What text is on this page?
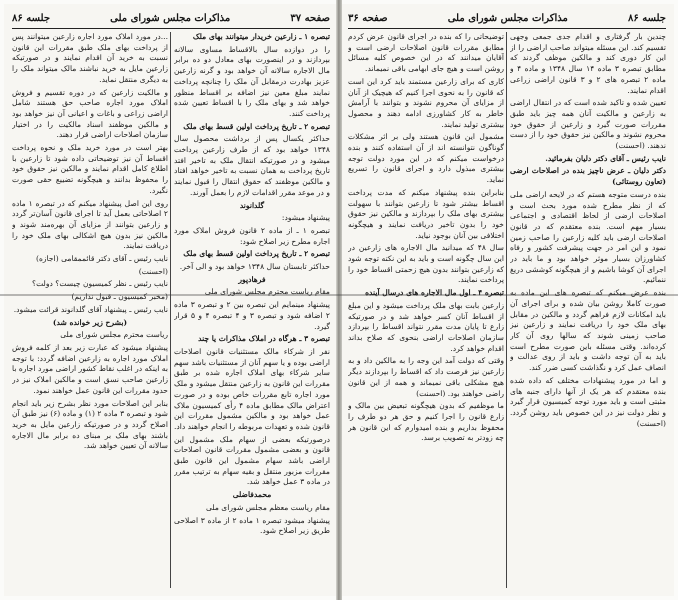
صفحه ۳۷
مذاکرات مجلس شورای ملی
جلسه ۸۶

تبصره ۱ ـ زارعین خریدار میتوانند بهای ملک

را در دوازده سال بالاقساط مساوی سالانه بپردازند و در اینصورت بهای معادل دو ده برابر مال الاجاره سالانه آن خواهد بود و گرنه زارعین عزیز بهادرت درمقابل آن ملک را چنانچه پرداخت نمایند مبلغ معین نیز اضافه بر اقساط منظور خواهد شد و بهای ملک را با اقساط تعیین شده پرداخت کنند.

تبصره ۲ ـ تاریخ پرداخت اولین قسط بهای ملک

حداکثر یکسال پس از برداشت محصول سال ۱۳۴۸ خواهد بود که از طرف زارعین پرداخت میشود و در صورتیکه انتقال ملک به تاخیر افتد تاریخ پرداخت به همان نسبت به تاخیر خواهد افتاد و مالکین موظفند که حقوق انتقال را قبول نمایند و در موعد مقرر اقدامات لازم را بعمل آورند.

گلدانوند

پیشنهاد میشود:

تبصره ۱ ـ از ماده ۲ قانون فروش املاک مورد اجاره مطرح زیر اصلاح شود:

تبصره ۲ ـ تاریخ پرداخت اولین قسط بهای ملک

حداکثر تابستان سال ۱۳۴۸ خواهد بود و الی آخر.

فرهادپور

مقام ریاست محترم مجلس شورای ملی

پیشنهاد مینمایم این تبصره بین ۲ و تبصره ۳ ماده ۲ اضافه شود و تبصره ۳ و ۴ تبصره ۴ و ۵ قرار گیرد.

تبصره ۳ ـ هرگاه در املاک مذاکرات یا چند

نفر از شرکاء مالک مستثنیات قانون اصلاحات اراضی بوده و یا سهم آنان از مستثنیات باشد سهم سایر شرکاء بهای املاک اجاره شده بر طبق مقررات این قانون به زارعین منتقل میشود و ملک مورد اجاره تابع مقررات خاص بوده و در صورت اعتراض مالک مطابق ماده ۴ رأی کمیسیون ملاک عمل خواهد بود و مالکین مشمول مقررات این قانون شده و تعهدات مربوطه را انجام خواهند داد.

درصورتیکه بعضی از سهام ملک مشمول این قانون و بعضی مشمول مقررات قانون اصلاحات اراضی باشد سهام مشمول این قانون طبق مقررات مزبور منتقل و بقیه سهام به ترتیب مقرر در ماده ۳ عمل خواهد شد.

محمدفاضلی

مقام ریاست معظم مجلس شورای ملی

پیشنهاد میشود تبصره ۱ ماده ۲ از ماده ۳ اصلاحی طریق زیر اصلاح شود.

...در مورد املاک مورد اجاره زارعین میتوانند پس از پرداخت بهای ملک طبق مقررات این قانون نسبت به خرید آن اقدام نمایند و در صورتیکه زارعین مایل به خرید نباشند مالک میتواند ملک را به دیگری منتقل نماید.

و مالکیت زارعین که در دوره تقسیم و فروش املاک مورد اجاره صاحب حق هستند شامل اراضی زراعی و باغات و اعیانی آن نیز خواهد بود و مالکین موظفند اسناد مالکیت را در اختیار سازمان اصلاحات اراضی قرار دهند.

بهتر است در مورد خرید ملک و نحوه پرداخت اقساط آن نیز توضیحاتی داده شود تا زارعین با اطلاع کامل اقدام نمایند و مالکین نیز حقوق خود را محفوظ بدانند و هیچگونه تضییع حقی صورت نگیرد.

روی این اصل پیشنهاد میکنم که در تبصره ۱ ماده ۲ اصلاحاتی بعمل آید تا اجرای قانون آسان‌تر گردد و زارعین بتوانند از مزایای آن بهره‌مند شوند و مالکین نیز بدون هیچ اشکالی بهای ملک خود را دریافت نمایند.

نایب رئیس ـ آقای دکتر قائممقامی (اجازه)

(احسنت)

نایب رئیس ـ نظر کمیسیون چیست؟ دولت؟

(مخبر کمیسیون ـ قبول نداریم)

نایب رئیس ـ پیشنهاد آقای گلدانوند قرائت میشود.

(بشرح زیر خوانده شد)

ریاست محترم مجلس شورای ملی

پیشنهاد میشود که عبارت زیر بعد از کلمه فروش املاک مورد اجاره به زارعین اضافه گردد: با توجه به اینکه در اغلب نقاط کشور اراضی مورد اجاره با زارعین صاحب نسق است و مالکین املاک نیز در حدود مقررات این قانون عمل خواهند نمود.

بنابر این اصلاحات مورد نظر بشرح زیر باید انجام شود و تبصره ۳ ماده ۲ (۱) و ماده (۶) نیز طبق آن اصلاح گردد و در صورتیکه زارعین مایل به خرید باشند بهای ملک بر مبنای ده برابر مال الاجاره سالانه آن تعیین خواهد شد.

جلسه ۸۶
مذاکرات مجلس شورای ملی
صفحه ۳۶

چندین بار گرفتاری و اقدام جدی جمعی وجهی تقسیم کند. این مسئله میتواند صاحب اراضی را از این کار دوری کند و مالکین موظف گردند که مطابق تبصره ۳ ماده ۱۴ سال ۱۳۴۸ و ماده ۴ و ماده ۲ تبصره های ۲ و ۳ قانون اراضی زراعی اقدام نمایند.

تعیین شده و تاکید شده است که در انتقال اراضی به زارعین و مالکیت آنان همه چیز باید طبق مقررات صورت گیرد و زارعین از حقوق خود محروم نشوند و مالکین نیز حقوق خود را از دست ندهند. (احسنت)

نایب رئیس ـ آقای دکتر دلیان بفرمائید.

دکتر دلیان ـ عرض ناچیز بنده در اصلاحات ارضی (تعاون روستائی)

بنده درست متوجه هستم که در لایحه اراضی ملی که از نظر مطرح شده مورد بحث است و اصلاحات ارضی از لحاظ اقتصادی و اجتماعی بسیار مهم است. بنده معتقدم که در قانون اصلاحات ارضی باید کلیه زارعین را صاحب زمین نمود و این امر در جهت پیشرفت کشور و رفاه کشاورزان بسیار موثر خواهد بود و ما باید در اجرای آن کوشا باشیم و از هیچگونه کوششی دریغ ننمائیم.

بنده عرض میکنم که تبصره های این ماده به صورت کاملا روشن بیان شده و برای اجرای آن باید امکانات لازم فراهم گردد و مالکین در مقابل بهای ملک خود را دریافت نمایند و زارعین نیز صاحب زمینی شوند که سالها روی آن کار کرده‌اند. وقتی مسئله باین صورت مطرح است باید به آن توجه داشت و باید از روی عدالت و انصاف عمل کرد و نگذاشت کسی ضرر کند.

و اما در مورد پیشنهادات مختلف که داده شده بنده معتقدم که هر یک از آنها دارای جنبه های مثبتی است و باید مورد توجه کمیسیون قرار گیرد و نظر دولت نیز در این خصوص باید روشن گردد. (احسنت)

توضیحاتی را که بنده در اجرای قانون عرض کردم مطابق مقررات قانون اصلاحات ارضی است و آقایان میدانند که در این خصوص کلیه مسائل روشن است و هیچ جای ابهامی باقی نمیماند.

کاری که برای زارعین مستمند باید کرد این است که قانون را به نحوی اجرا کنیم که هیچیک از آنان از مزایای آن محروم نشوند و بتوانند با آرامش خاطر به کار کشاورزی ادامه دهند و محصول بیشتری تولید نمایند.

مشمول این قانون هستند ولی بر اثر مشکلات گوناگون نتوانسته اند از آن استفاده کنند و بنده درخواست میکنم که در این مورد دولت توجه بیشتری مبذول دارد و اجرای قانون را تسریع نماید.

بنابراین بنده پیشنهاد میکنم که مدت پرداخت اقساط بیشتر شود تا زارعین بتوانند با سهولت بیشتری بهای ملک را بپردازند و مالکین نیز حقوق خود را بدون تاخیر دریافت نمایند و هیچگونه اختلافی بین آنان بوجود نیاید.

سال ۴۸ که میدانید مال الاجاره های زارعین در این سال چگونه است و باید به این نکته توجه شود که زارعین بتوانند بدون هیچ زحمتی اقساط خود را پرداخت نمایند.

تبصره ۴ ـ اول مال الاجاره های درسال آینده

زارعین بابت بهای ملک پرداخت میشود و این مبلغ از اقساط آنان کسر خواهد شد و در صورتیکه زارع تا پایان مدت مقرر نتواند اقساط را بپردازد سازمان اصلاحات اراضی بنحوی که صلاح بداند اقدام خواهد کرد.

وقتی که دولت آمد این وجه را به مالکین داد و به زارعین نیز فرصت داد که اقساط را بپردازند دیگر هیچ مشکلی باقی نمیماند و همه از این قانون راضی خواهند بود. (احسنت)

ما موظفیم که بدون هیچگونه تبعیض بین مالک و زارع قانون را اجرا کنیم و حق هر دو طرف را محفوظ بداریم و بنده امیدوارم که این قانون هر چه زودتر به تصویب برسد.
